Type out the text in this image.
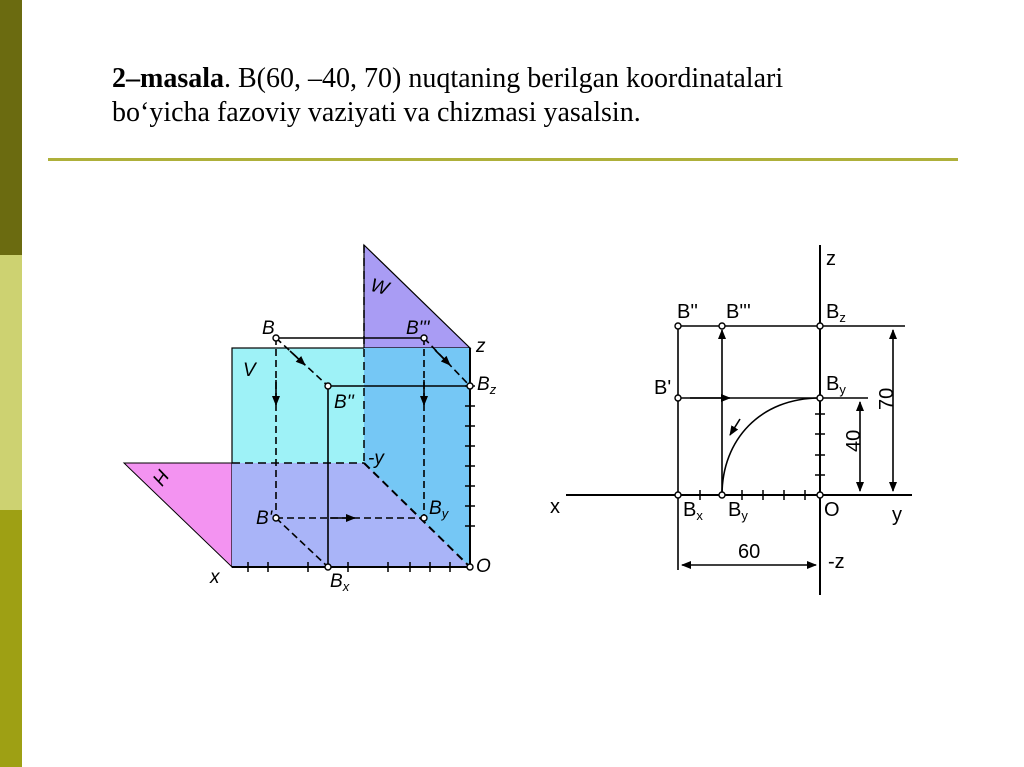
2–masala. B(60, –40, 70) nuqtaning berilgan koordinatalari
bo‘yicha fazoviy vaziyati va chizmasi yasalsin.
V
W
H
B	B'''
B''
B'
z
-y
x
O
$B_z$
$B_y$
$B_x$
z
-z
x	y
O
B'' B'''
B'
$B_z$
$B_y$
$B_x$ $B_y$
60
40
70
